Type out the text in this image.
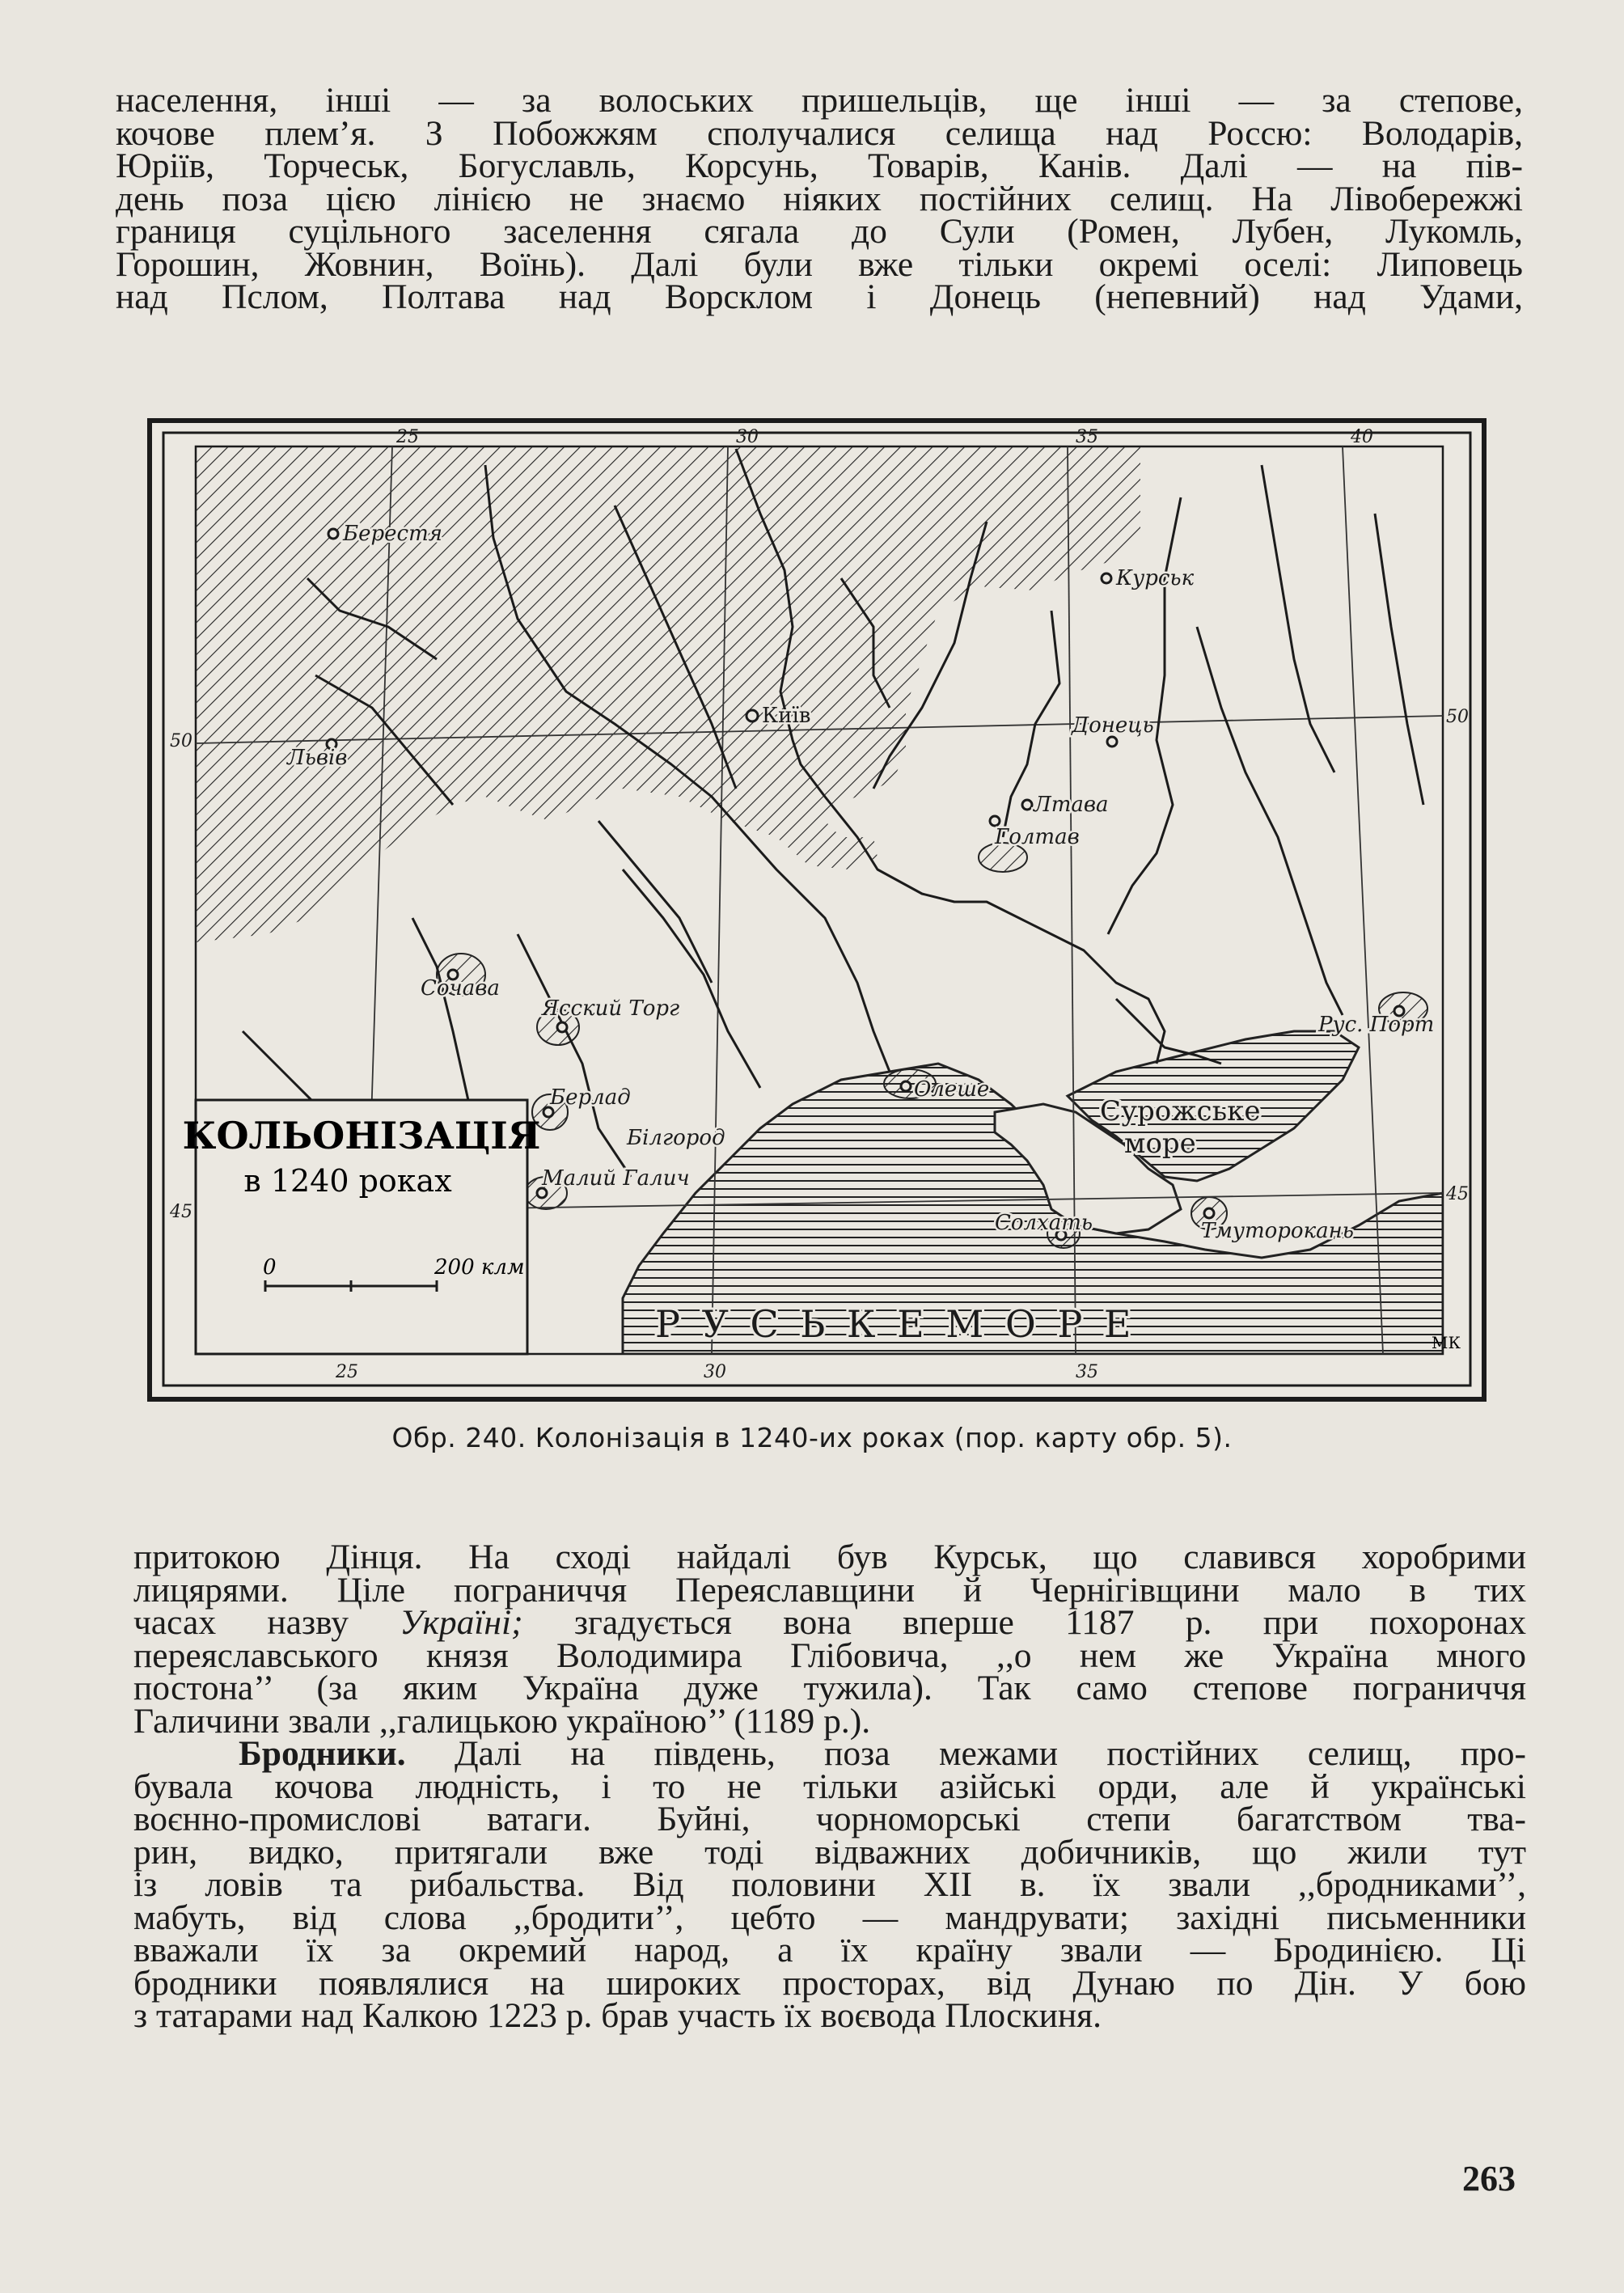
населення, інші — за волоських пришельців, ще інші — за степове,
кочове плем’я. З Побожжям сполучалися селища над Россю: Володарів,
Юріїв, Торчеськ, Богуславль, Корсунь, Товарів, Канів. Далі — на пів-
день поза цією лінією не знаємо ніяких постійних селищ. На Лівобережжі
границя суцільного заселення сягала до Сули (Ромен, Лубен, Лукомль,
Горошин, Жовнин, Воїнь). Далі були вже тільки окремі оселі: Липовець
над Пслом, Полтава над Ворсклом і Донець (непевний) над Удами,
25	30	35	40
25	30	35
50
50
45
45
Берестя
Курськ
Київ	Донець
Львів
Лтава
Голтав
Сочава
Ясский Торг
Берлад
Білгород
Малий Галич
Олеше
Рус. Порт
Солхать	Тмуторокань
Сурожське
море
Р У С Ь К Е М О Р Е
КОЛЬОНІЗАЦІЯ
в 1240 роках
0	200 клм
МК
Обр. 240. Колонізація в 1240-их роках (пор. карту обр. 5).
притокою Дінця. На сході найдалі був Курськ, що славився хоробрими
лицярями. Ціле пограниччя Переяславщини й Чернігівщини мало в тих
часах назву Україні; згадується вона вперше 1187 р. при похоронах
переяславського князя Володимира Глібовича, ,,о нем же Україна много
постона’’ (за яким Україна дуже тужила). Так само степове пограниччя
Галичини звали ,,галицькою україною’’ (1189 р.).
Бродники. Далі на південь, поза межами постійних селищ, про-
бувала кочова людність, і то не тільки азійські орди, але й українські
воєнно-промислові ватаги. Буйні, чорноморські степи багатством тва-
рин, видко, притягали вже тоді відважних добичників, що жили тут
із ловів та рибальства. Від половини XII в. їх звали ,,бродниками’’,
мабуть, від слова ,,бродити’’, цебто — мандрувати; західні письменники
вважали їх за окремий народ, а їх країну звали — Бродинією. Ці
бродники появлялися на широких просторах, від Дунаю по Дін. У бою
з татарами над Калкою 1223 р. брав участь їх воєвода Плоскиня.
263
